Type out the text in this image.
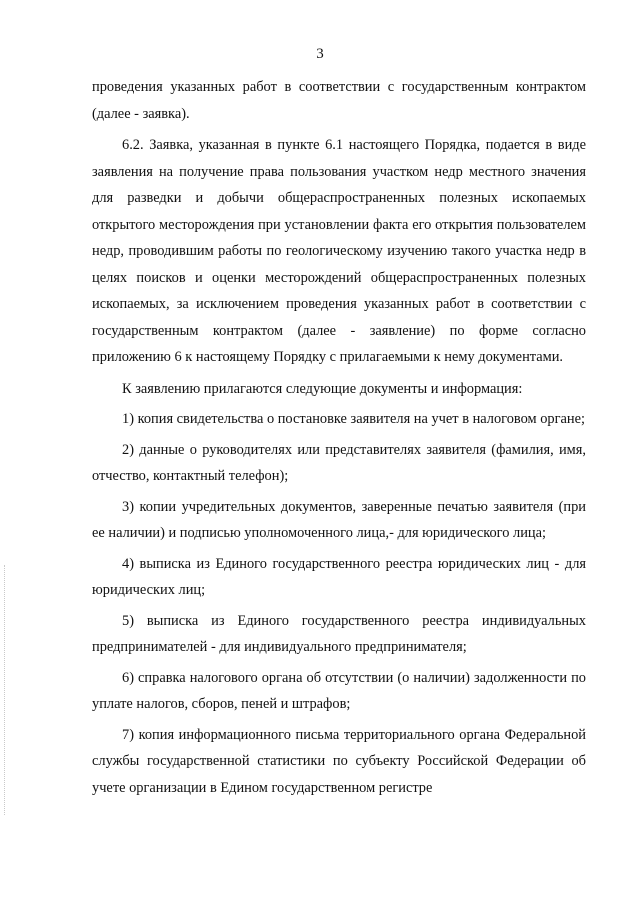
3

проведения указанных работ в соответствии с государственным контрактом (далее - заявка).

6.2. Заявка, указанная в пункте 6.1 настоящего Порядка, подается в виде заявления на получение права пользования участком недр местного значения для разведки и добычи общераспространенных полезных ископаемых открытого месторождения при установлении факта его открытия пользователем недр, проводившим работы по геологическому изучению такого участка недр в целях поисков и оценки месторождений общераспространенных полезных ископаемых, за исключением проведения указанных работ в соответствии с государственным контрактом (далее - заявление) по форме согласно приложению 6 к настоящему Порядку с прилагаемыми к нему документами.

К заявлению прилагаются следующие документы и информация:

1) копия свидетельства о постановке заявителя на учет в налоговом органе;

2) данные о руководителях или представителях заявителя (фамилия, имя, отчество, контактный телефон);

3) копии учредительных документов, заверенные печатью заявителя (при ее наличии) и подписью уполномоченного лица,- для юридического лица;

4) выписка из Единого государственного реестра юридических лиц - для юридических лиц;

5) выписка из Единого государственного реестра индивидуальных предпринимателей - для индивидуального предпринимателя;

6) справка налогового органа об отсутствии (о наличии) задолженности по уплате налогов, сборов, пеней и штрафов;

7) копия информационного письма территориального органа Федеральной службы государственной статистики по субъекту Российской Федерации об учете организации в Едином государственном регистре
